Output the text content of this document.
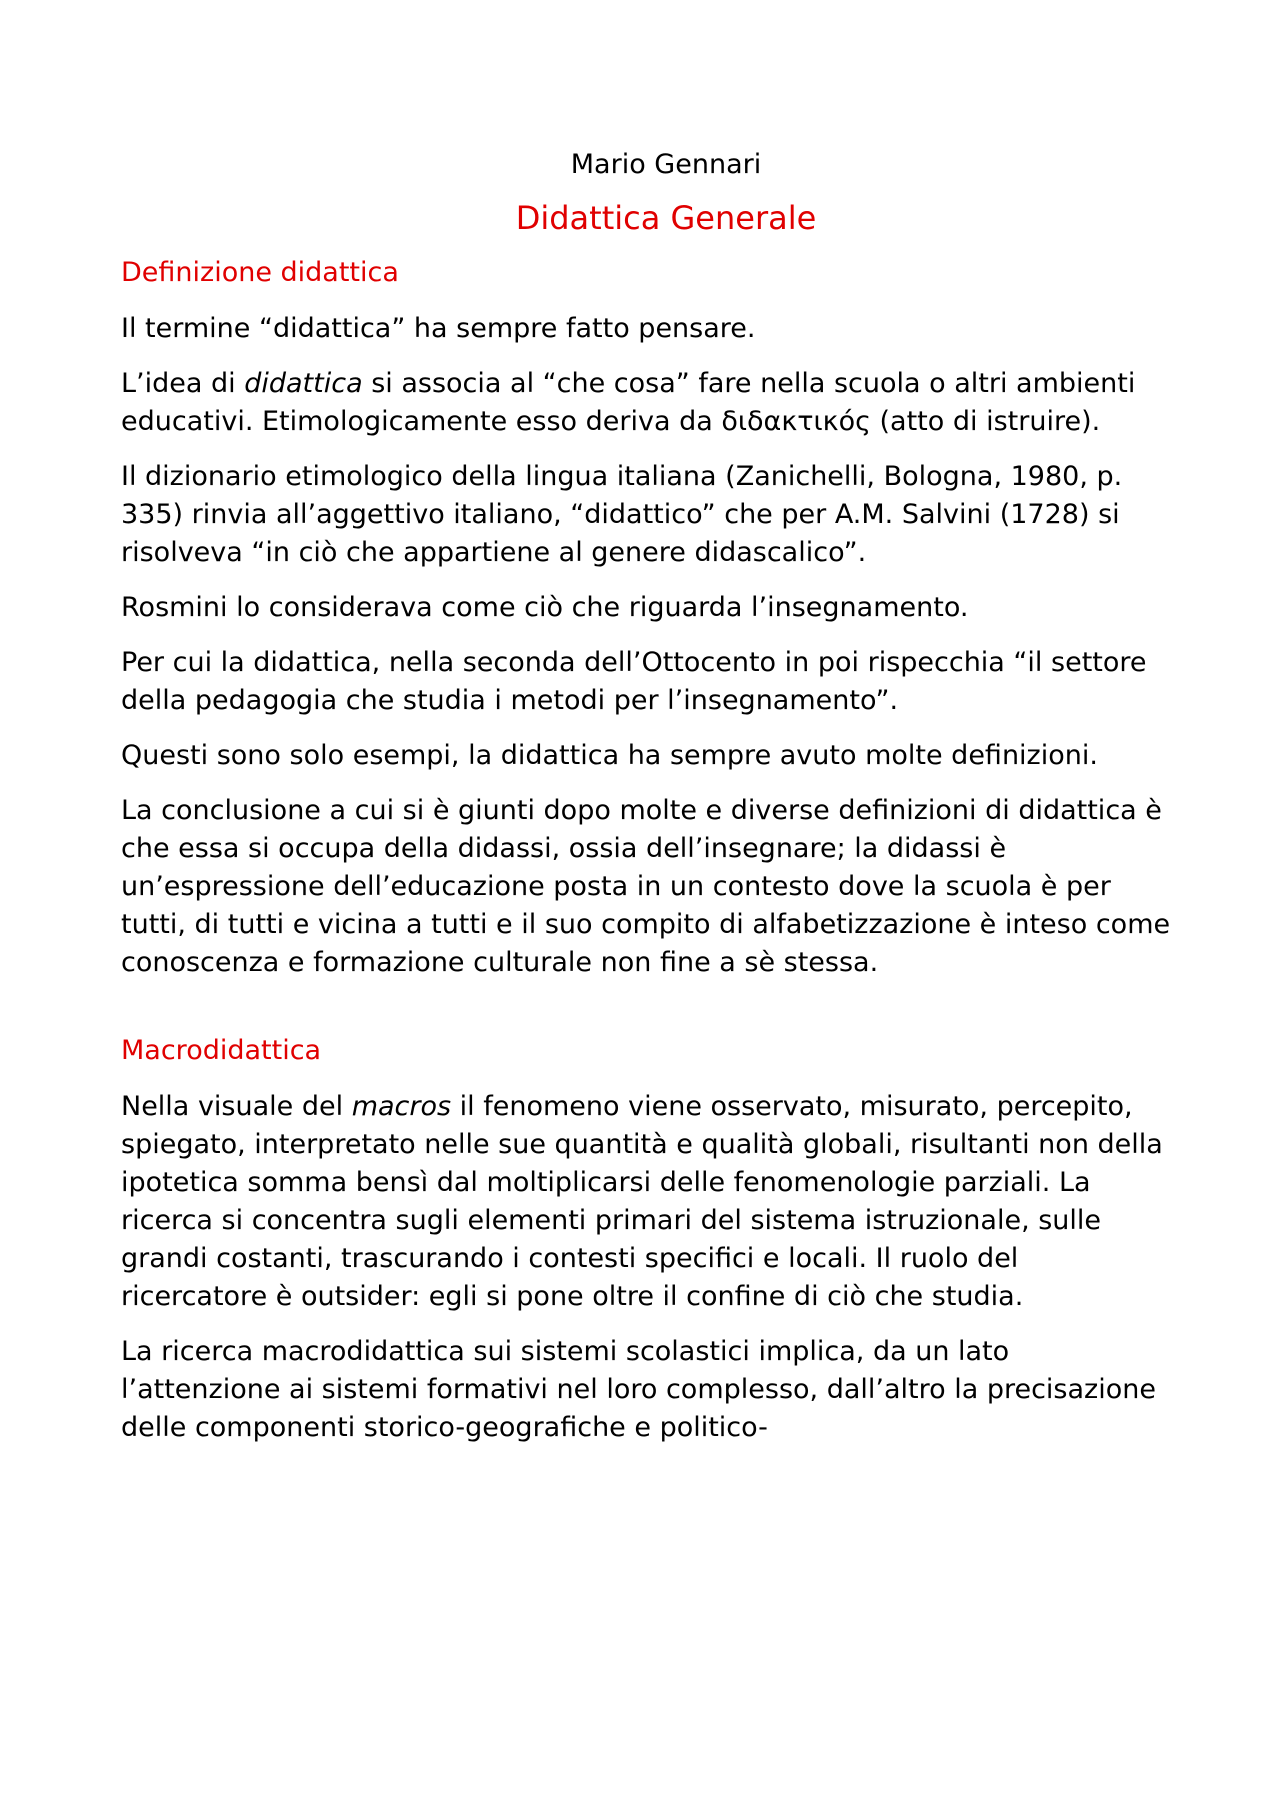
Mario Gennari
Didattica Generale
Definizione didattica

Il termine “didattica” ha sempre fatto pensare.

L’idea di didattica si associa al “che cosa” fare nella scuola o altri ambienti educativi. Etimologicamente esso deriva da διδακτικός (atto di istruire).

Il dizionario etimologico della lingua italiana (Zanichelli, Bologna, 1980, p. 335) rinvia all’aggettivo italiano, “didattico” che per A.M. Salvini (1728) si risolveva “in ciò che appartiene al genere didascalico”.

Rosmini lo considerava come ciò che riguarda l’insegnamento.

Per cui la didattica, nella seconda dell’Ottocento in poi rispecchia “il settore della pedagogia che studia i metodi per l’insegnamento”.

Questi sono solo esempi, la didattica ha sempre avuto molte definizioni.

La conclusione a cui si è giunti dopo molte e diverse definizioni di didattica è che essa si occupa della didassi, ossia dell’insegnare; la didassi è un’espressione dell’educazione posta in un contesto dove la scuola è per tutti, di tutti e vicina a tutti e il suo compito di alfabetizzazione è inteso come conoscenza e formazione culturale non fine a sè stessa.

Macrodidattica

Nella visuale del macros il fenomeno viene osservato, misurato, percepito, spiegato, interpretato nelle sue quantità e qualità globali, risultanti non della ipotetica somma bensì dal moltiplicarsi delle fenomenologie parziali. La ricerca si concentra sugli elementi primari del sistema istruzionale, sulle grandi costanti, trascurando i contesti specifici e locali. Il ruolo del ricercatore è outsider: egli si pone oltre il confine di ciò che studia.

La ricerca macrodidattica sui sistemi scolastici implica, da un lato l’attenzione ai sistemi formativi nel loro complesso, dall’altro la precisazione delle componenti storico-geografiche e politico-
